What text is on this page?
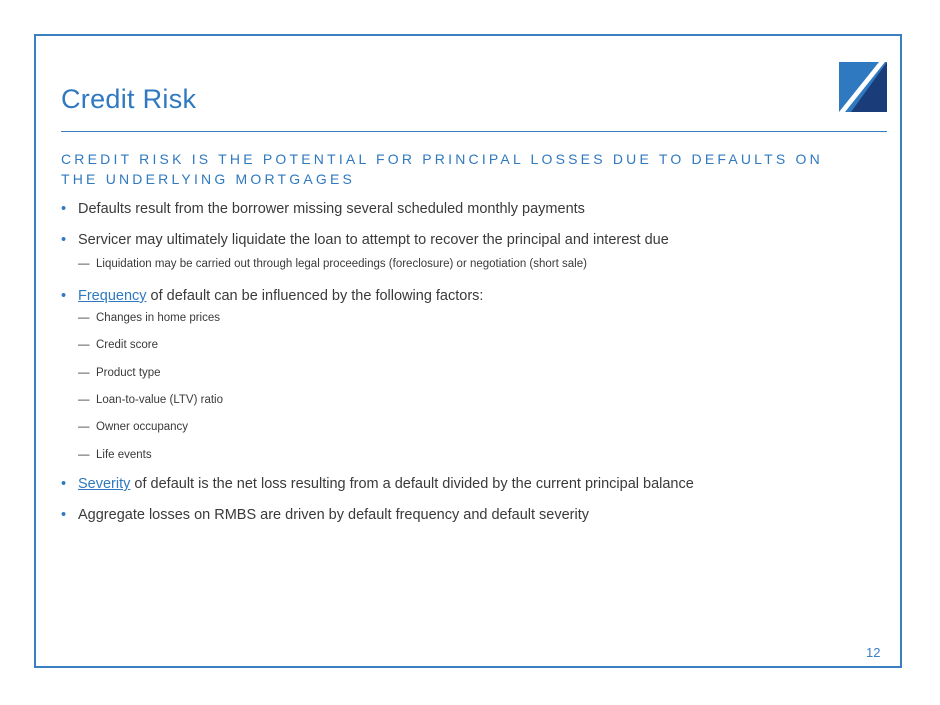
Credit Risk
CREDIT RISK IS THE POTENTIAL FOR PRINCIPAL LOSSES DUE TO DEFAULTS ON THE UNDERLYING MORTGAGES

• Defaults result from the borrower missing several scheduled monthly payments

• Servicer may ultimately liquidate the loan to attempt to recover the principal and interest due

— Liquidation may be carried out through legal proceedings (foreclosure) or negotiation (short sale)

• Frequency of default can be influenced by the following factors:

— Changes in home prices

— Credit score

— Product type

— Loan-to-value (LTV) ratio

— Owner occupancy

— Life events

• Severity of default is the net loss resulting from a default divided by the current principal balance

• Aggregate losses on RMBS are driven by default frequency and default severity

12
